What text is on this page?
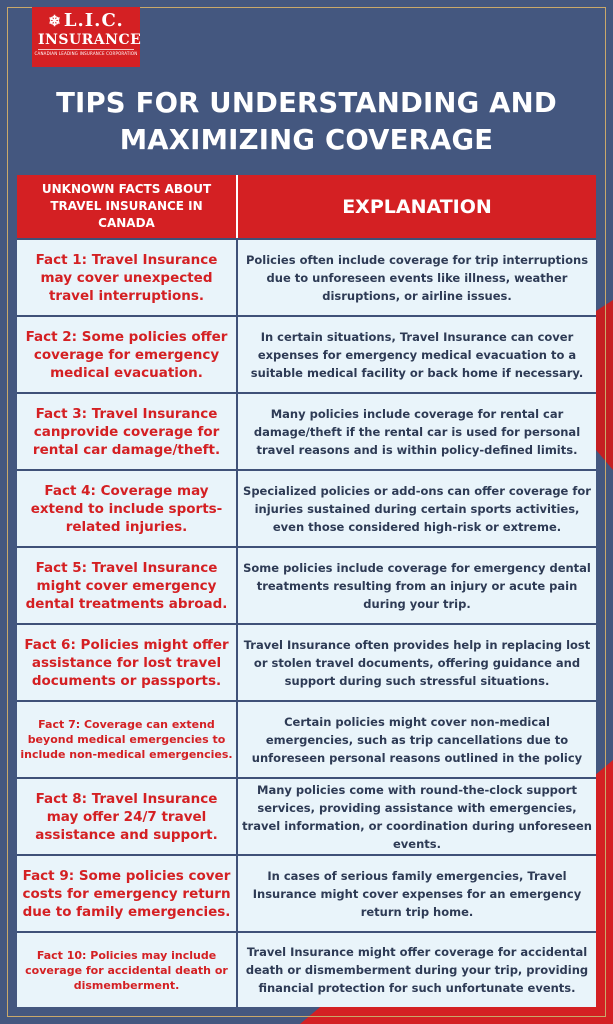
❄ L.I.C.
INSURANCE
CANADIAN LEADING INSURANCE CORPORATION
TIPS FOR UNDERSTANDING AND
MAXIMIZING COVERAGE
UNKNOWN FACTS ABOUT TRAVEL INSURANCE IN CANADA
EXPLANATION
Fact 1: Travel Insurance may cover unexpected travel interruptions.
Policies often include coverage for trip interruptions due to unforeseen events like illness, weather disruptions, or airline issues.
Fact 2: Some policies offer coverage for emergency medical evacuation.
In certain situations, Travel Insurance can cover expenses for emergency medical evacuation to a suitable medical facility or back home if necessary.
Fact 3: Travel Insurance canprovide coverage for rental car damage/theft.
Many policies include coverage for rental car damage/theft if the rental car is used for personal travel reasons and is within policy-defined limits.
Fact 4: Coverage may extend to include sports-related injuries.
Specialized policies or add-ons can offer coverage for injuries sustained during certain sports activities, even those considered high-risk or extreme.
Fact 5: Travel Insurance might cover emergency dental treatments abroad.
Some policies include coverage for emergency dental treatments resulting from an injury or acute pain during your trip.
Fact 6: Policies might offer assistance for lost travel documents or passports.
Travel Insurance often provides help in replacing lost or stolen travel documents, offering guidance and support during such stressful situations.
Fact 7: Coverage can extend beyond medical emergencies to include non-medical emergencies.
Certain policies might cover non-medical emergencies, such as trip cancellations due to unforeseen personal reasons outlined in the policy
Fact 8: Travel Insurance may offer 24/7 travel assistance and support.
Many policies come with round-the-clock support services, providing assistance with emergencies, travel information, or coordination during unforeseen events.
Fact 9: Some policies cover costs for emergency return due to family emergencies.
In cases of serious family emergencies, Travel Insurance might cover expenses for an emergency return trip home.
Fact 10: Policies may include coverage for accidental death or dismemberment.
Travel Insurance might offer coverage for accidental death or dismemberment during your trip, providing financial protection for such unfortunate events.
